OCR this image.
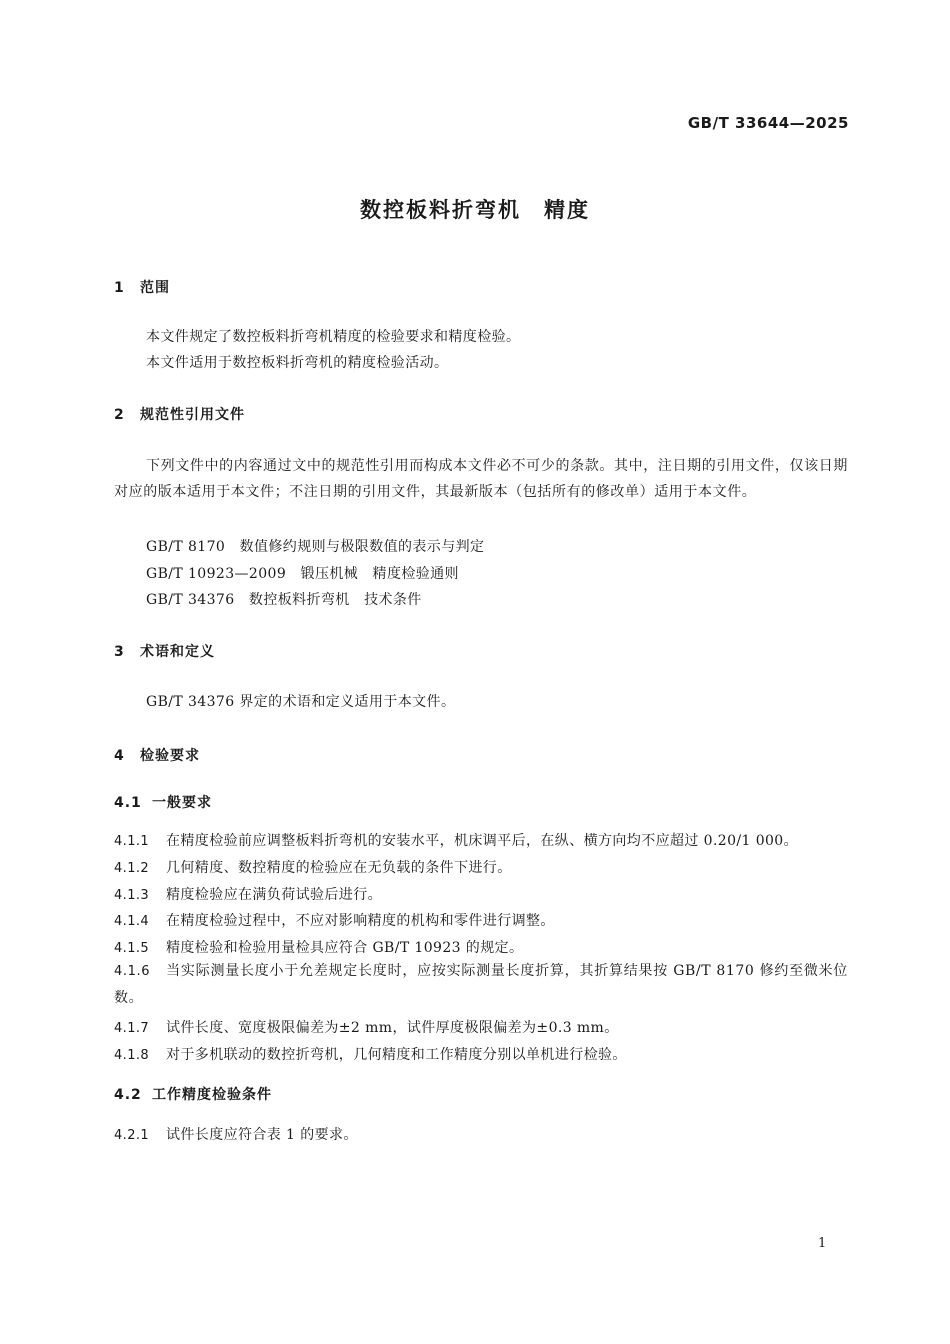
GB/T 33644—2025
数控板料折弯机　精度
1 范围
本文件规定了数控板料折弯机精度的检验要求和精度检验。
本文件适用于数控板料折弯机的精度检验活动。
2 规范性引用文件
下列文件中的内容通过文中的规范性引用而构成本文件必不可少的条款。其中，注日期的引用文件，仅该日期对应的版本适用于本文件；不注日期的引用文件，其最新版本（包括所有的修改单）适用于本文件。
GB/T 8170　数值修约规则与极限数值的表示与判定
GB/T 10923—2009　锻压机械　精度检验通则
GB/T 34376　数控板料折弯机　技术条件
3 术语和定义
GB/T 34376 界定的术语和定义适用于本文件。
4 检验要求
4.1 一般要求
4.1.1 在精度检验前应调整板料折弯机的安装水平，机床调平后，在纵、横方向均不应超过 0.20/1 000。
4.1.2 几何精度、数控精度的检验应在无负载的条件下进行。
4.1.3 精度检验应在满负荷试验后进行。
4.1.4 在精度检验过程中，不应对影响精度的机构和零件进行调整。
4.1.5 精度检验和检验用量检具应符合 GB/T 10923 的规定。
4.1.6 当实际测量长度小于允差规定长度时，应按实际测量长度折算，其折算结果按 GB/T 8170 修约至微米位数。
4.1.7 试件长度、宽度极限偏差为±2 mm，试件厚度极限偏差为±0.3 mm。
4.1.8 对于多机联动的数控折弯机，几何精度和工作精度分别以单机进行检验。
4.2 工作精度检验条件
4.2.1 试件长度应符合表 1 的要求。
1
